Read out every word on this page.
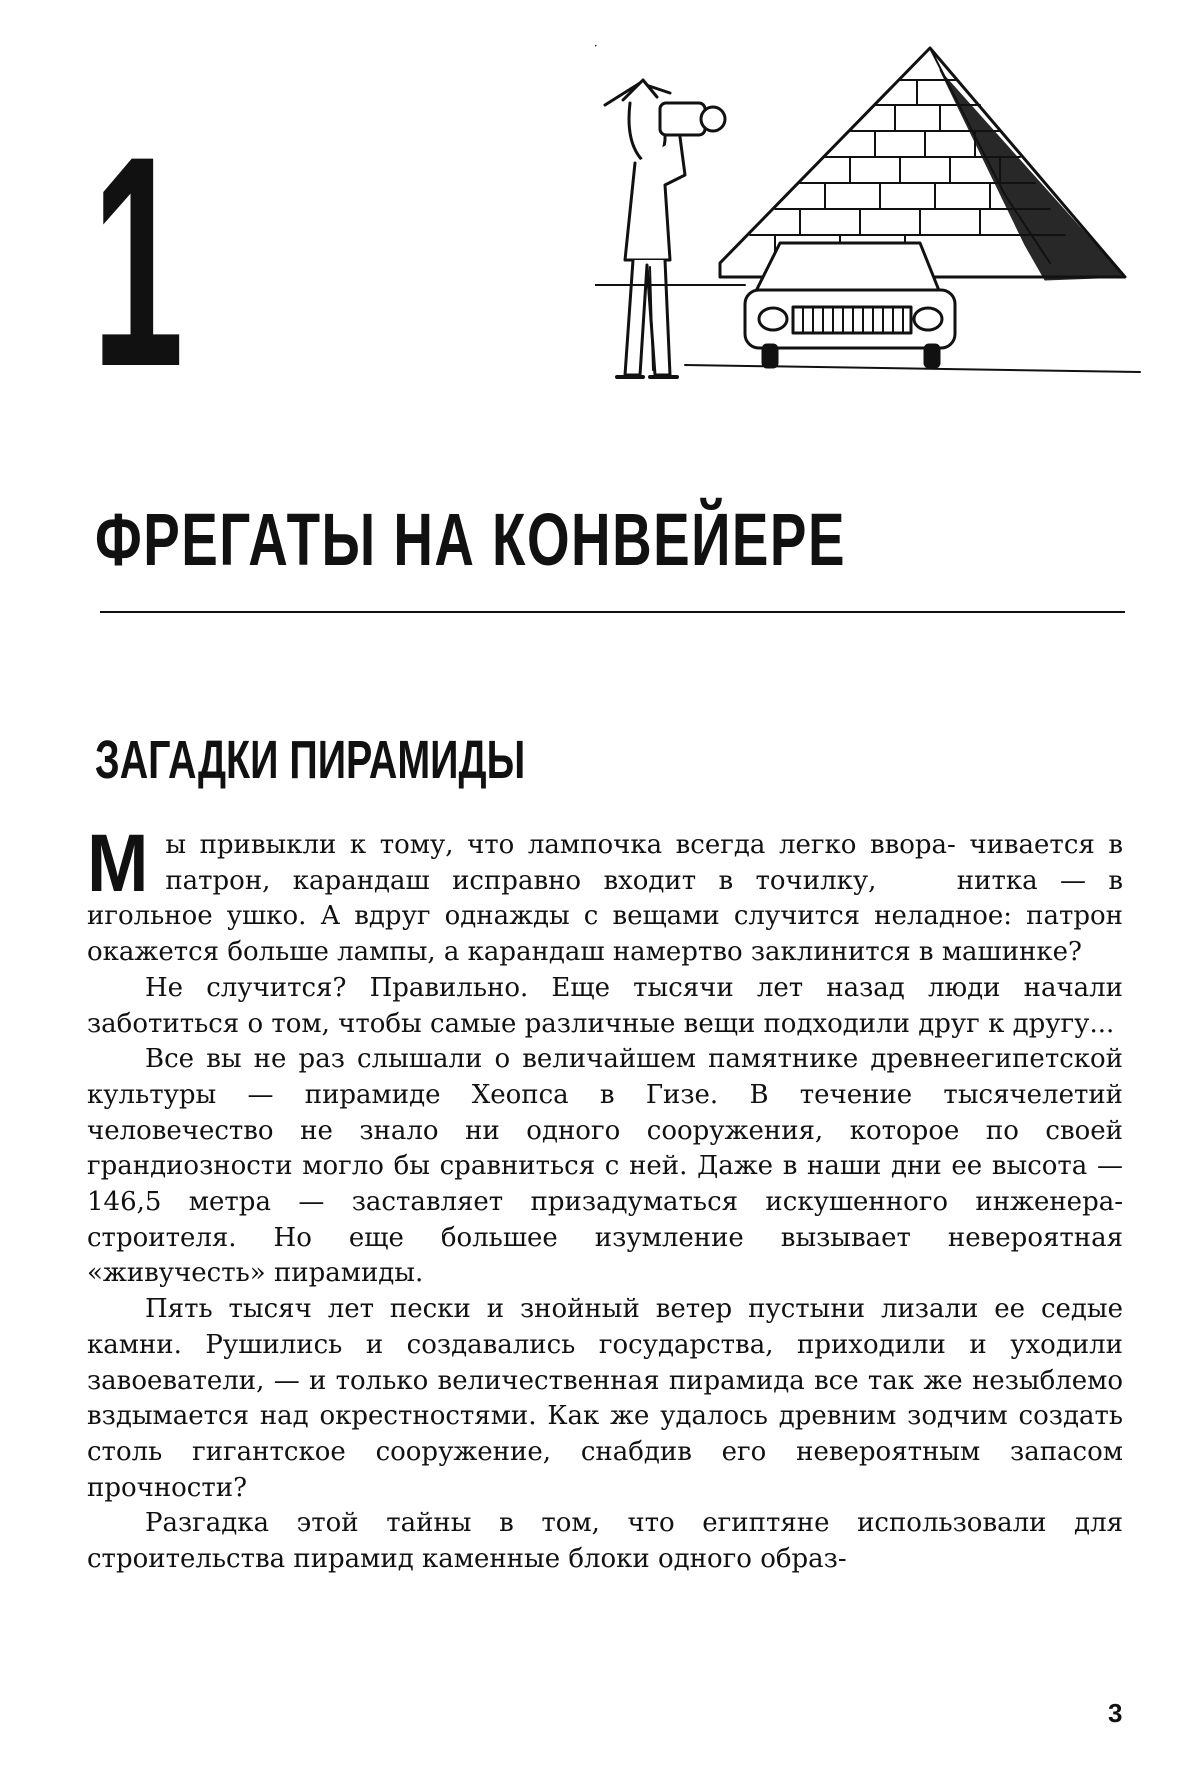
1
ФРЕГАТЫ НА КОНВЕЙЕРЕ
ЗАГАДКИ ПИРАМИДЫ

М ы привыкли к тому, что лампочка всегда легко ввора- чивается в патрон, карандаш исправно входит в точилку,	нитка — в игольное ушко. А вдруг однажды с вещами случится неладное: патрон окажется больше лампы, а карандаш намертво заклинится в машинке?

Не случится? Правильно. Еще тысячи лет назад люди начали заботиться о том, чтобы самые различные вещи подходили друг к другу...

Все вы не раз слышали о величайшем памятнике древнеегипетской культуры — пирамиде Хеопса в Гизе. В течение тысячелетий человечество не знало ни одного сооружения, которое по своей грандиозности могло бы сравниться с ней. Даже в наши дни ее высота — 146,5 метра — заставляет призадуматься искушенного инженера-строителя. Но еще большее изумление вызывает невероятная «живучесть» пирамиды.

Пять тысяч лет пески и знойный ветер пустыни лизали ее седые камни. Рушились и создавались государства, приходили и уходили завоеватели, — и только величественная пирамида все так же незыблемо вздымается над окрестностями. Как же удалось древним зодчим создать столь гигантское сооружение, снабдив его невероятным запасом прочности?

Разгадка этой тайны в том, что египтяне использовали для строительства пирамид каменные блоки одного образ-

3
